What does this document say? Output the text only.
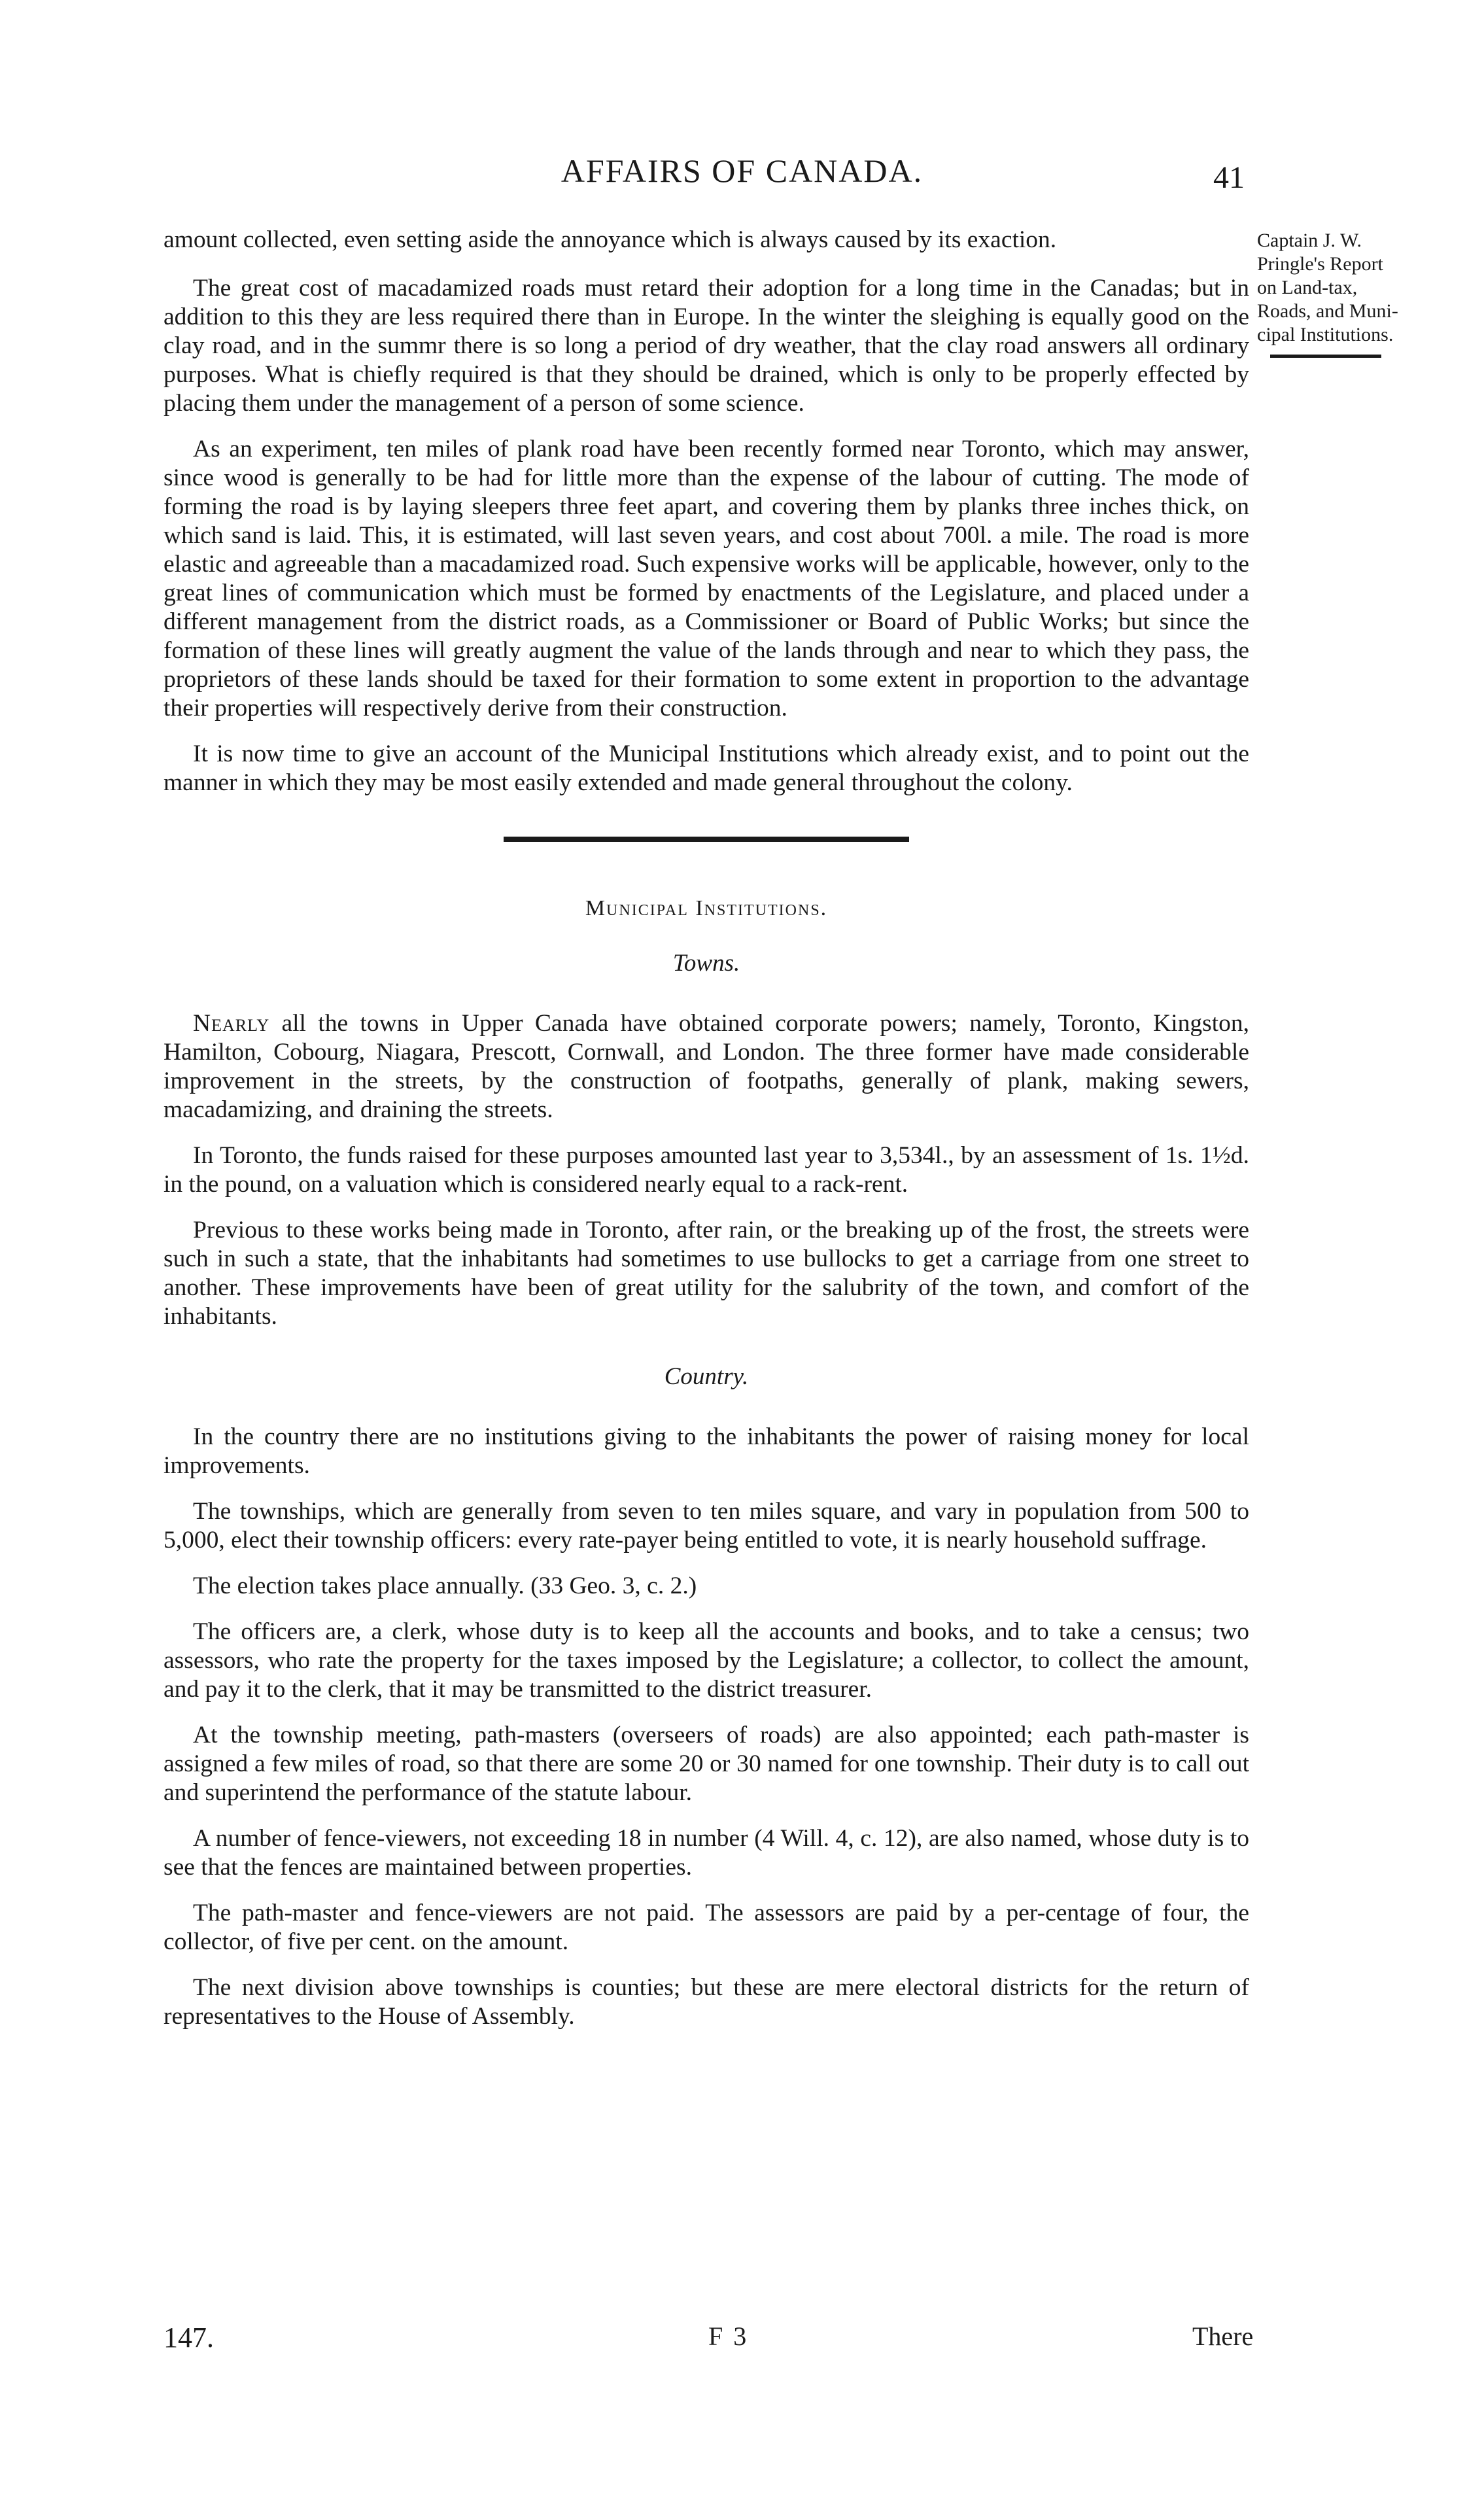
AFFAIRS OF CANADA.	41
Captain J. W.
Pringle's Report
on Land-tax,
Roads, and Muni-
cipal Institutions.

amount collected, even setting aside the annoyance which is always caused by its exaction.

The great cost of macadamized roads must retard their adoption for a long time in the Canadas; but in addition to this they are less required there than in Europe. In the winter the sleighing is equally good on the clay road, and in the summr there is so long a period of dry weather, that the clay road answers all ordinary purposes. What is chiefly required is that they should be drained, which is only to be properly effected by placing them under the management of a person of some science.

As an experiment, ten miles of plank road have been recently formed near Toronto, which may answer, since wood is generally to be had for little more than the expense of the labour of cutting. The mode of forming the road is by laying sleepers three feet apart, and covering them by planks three inches thick, on which sand is laid. This, it is estimated, will last seven years, and cost about 700l. a mile. The road is more elastic and agreeable than a macadamized road. Such expensive works will be applicable, however, only to the great lines of communication which must be formed by enactments of the Legislature, and placed under a different management from the district roads, as a Commissioner or Board of Public Works; but since the formation of these lines will greatly augment the value of the lands through and near to which they pass, the proprietors of these lands should be taxed for their formation to some extent in proportion to the advantage their properties will respectively derive from their construction.

It is now time to give an account of the Municipal Institutions which already exist, and to point out the manner in which they may be most easily extended and made general throughout the colony.

Municipal Institutions.
Towns.

Nearly all the towns in Upper Canada have obtained corporate powers; namely, Toronto, Kingston, Hamilton, Cobourg, Niagara, Prescott, Cornwall, and London. The three former have made considerable improvement in the streets, by the construction of footpaths, generally of plank, making sewers, macadamizing, and draining the streets.

In Toronto, the funds raised for these purposes amounted last year to 3,534l., by an assessment of 1s. 1½d. in the pound, on a valuation which is considered nearly equal to a rack-rent.

Previous to these works being made in Toronto, after rain, or the breaking up of the frost, the streets were such in such a state, that the inhabitants had sometimes to use bullocks to get a carriage from one street to another. These improvements have been of great utility for the salubrity of the town, and comfort of the inhabitants.

Country.

In the country there are no institutions giving to the inhabitants the power of raising money for local improvements.

The townships, which are generally from seven to ten miles square, and vary in population from 500 to 5,000, elect their township officers: every rate-payer being entitled to vote, it is nearly household suffrage.

The election takes place annually. (33 Geo. 3, c. 2.)

The officers are, a clerk, whose duty is to keep all the accounts and books, and to take a census; two assessors, who rate the property for the taxes imposed by the Legislature; a collector, to collect the amount, and pay it to the clerk, that it may be transmitted to the district treasurer.

At the township meeting, path-masters (overseers of roads) are also appointed; each path-master is assigned a few miles of road, so that there are some 20 or 30 named for one township. Their duty is to call out and superintend the performance of the statute labour.

A number of fence-viewers, not exceeding 18 in number (4 Will. 4, c. 12), are also named, whose duty is to see that the fences are maintained between properties.

The path-master and fence-viewers are not paid. The assessors are paid by a per-centage of four, the collector, of five per cent. on the amount.

The next division above townships is counties; but these are mere electoral districts for the return of representatives to the House of Assembly.

147.	F 3	There
